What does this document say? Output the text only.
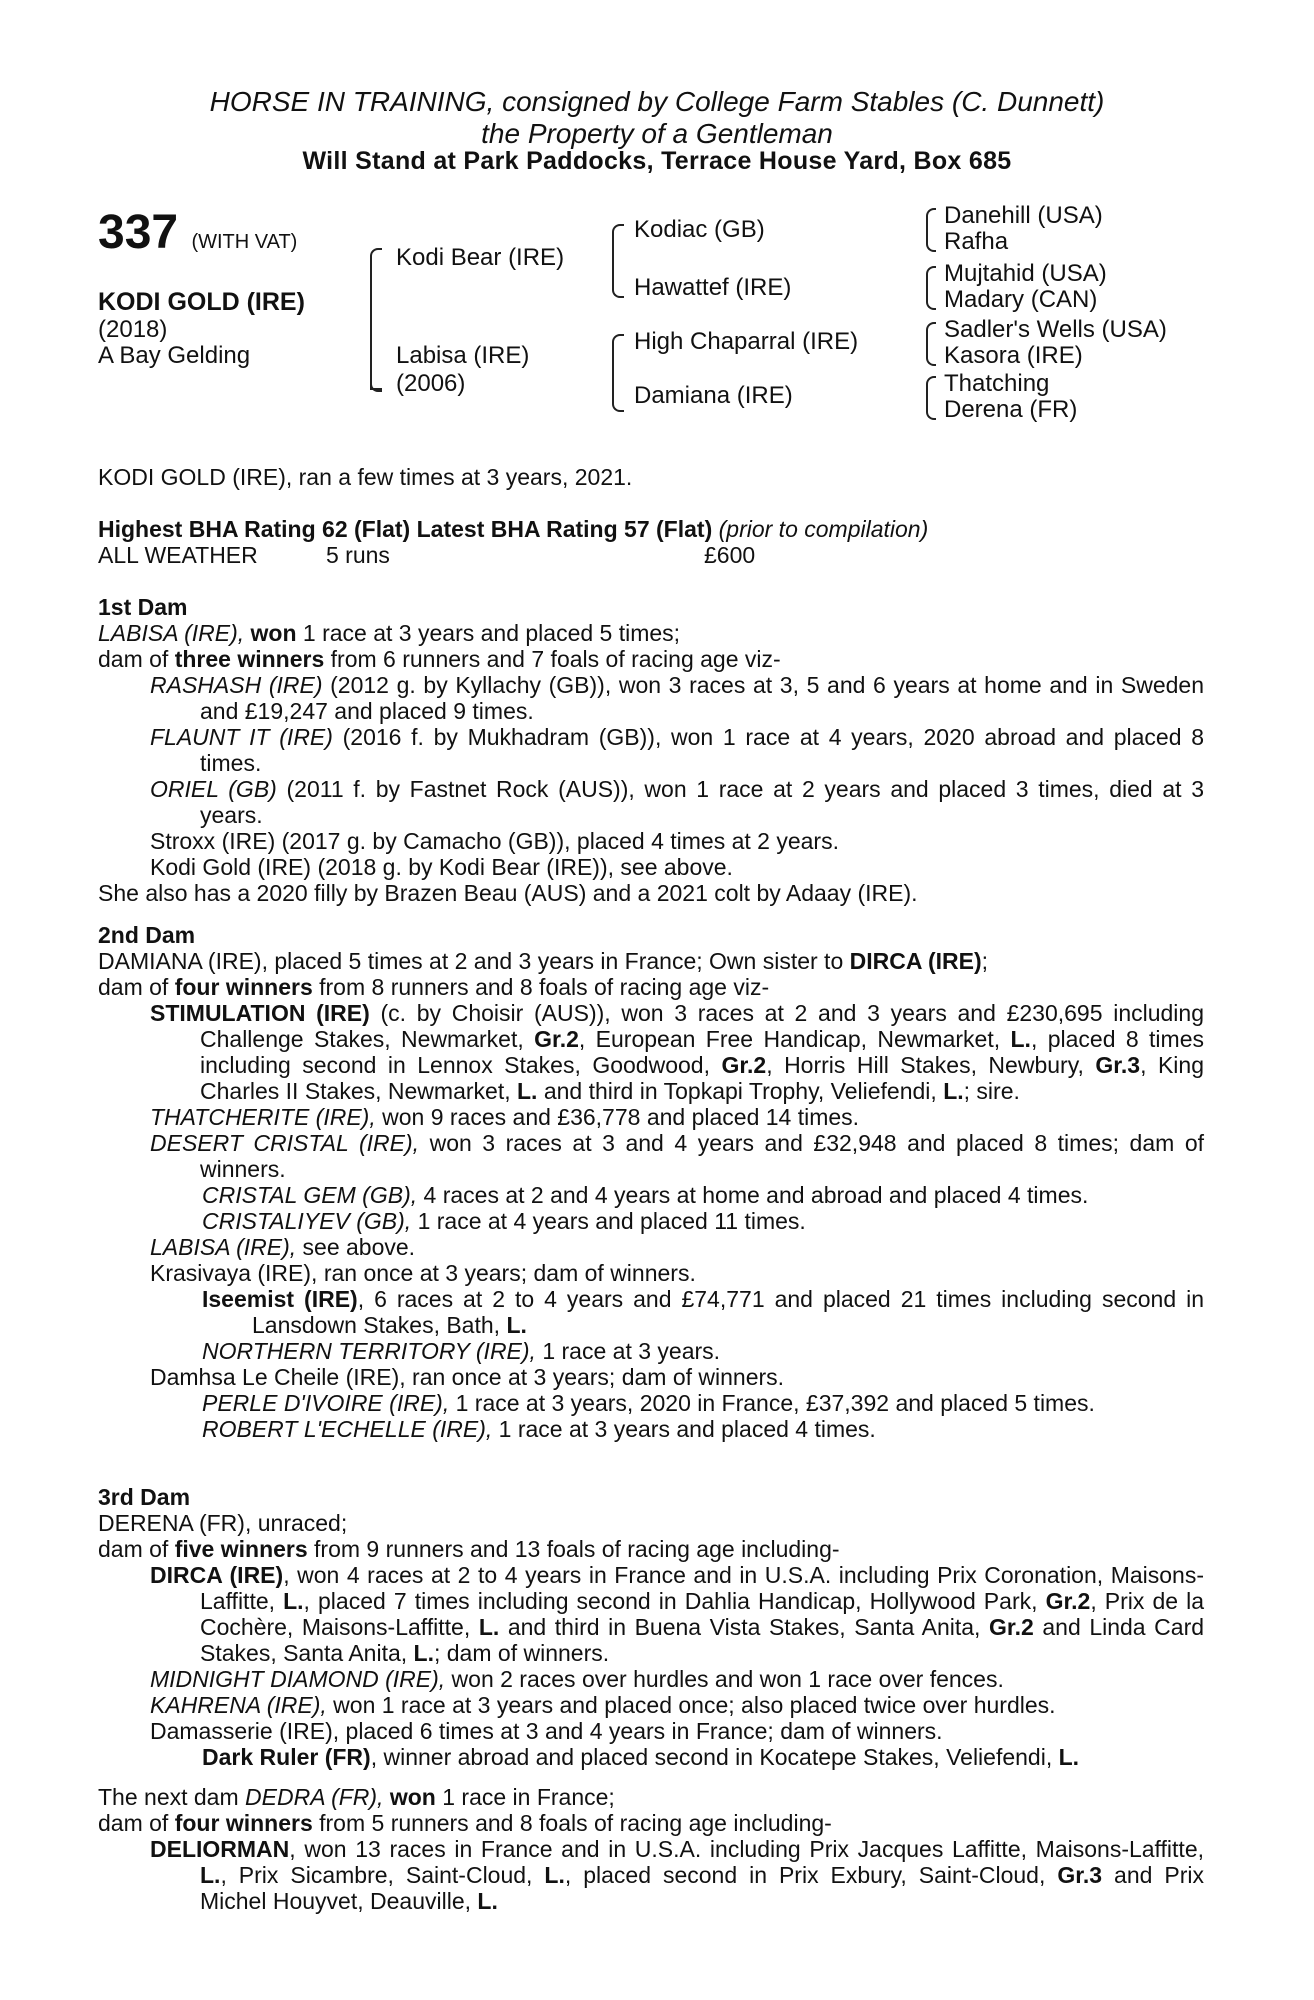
HORSE IN TRAINING, consigned by College Farm Stables (C. Dunnett)
the Property of a Gentleman
Will Stand at Park Paddocks, Terrace House Yard, Box 685
337 (WITH VAT)
KODI GOLD (IRE)
(2018)
A Bay Gelding
Kodi Bear (IRE)
Labisa (IRE)
(2006)
Kodiac (GB)
Hawattef (IRE)
High Chaparral (IRE)
Damiana (IRE)
Danehill (USA)
Rafha
Mujtahid (USA)
Madary (CAN)
Sadler's Wells (USA)
Kasora (IRE)
Thatching
Derena (FR)
KODI GOLD (IRE), ran a few times at 3 years, 2021.
Highest BHA Rating 62 (Flat) Latest BHA Rating 57 (Flat) (prior to compilation)
ALL WEATHER	5 runs	£600
1st Dam
LABISA (IRE), won 1 race at 3 years and placed 5 times;
dam of three winners from 6 runners and 7 foals of racing age viz-
RASHASH (IRE) (2012 g. by Kyllachy (GB)), won 3 races at 3, 5 and 6 years at home and in Sweden and £19,247 and placed 9 times.
FLAUNT IT (IRE) (2016 f. by Mukhadram (GB)), won 1 race at 4 years, 2020 abroad and placed 8 times.
ORIEL (GB) (2011 f. by Fastnet Rock (AUS)), won 1 race at 2 years and placed 3 times, died at 3 years.
Stroxx (IRE) (2017 g. by Camacho (GB)), placed 4 times at 2 years.
Kodi Gold (IRE) (2018 g. by Kodi Bear (IRE)), see above.
She also has a 2020 filly by Brazen Beau (AUS) and a 2021 colt by Adaay (IRE).
2nd Dam
DAMIANA (IRE), placed 5 times at 2 and 3 years in France; Own sister to DIRCA (IRE);
dam of four winners from 8 runners and 8 foals of racing age viz-
STIMULATION (IRE) (c. by Choisir (AUS)), won 3 races at 2 and 3 years and £230,695 including Challenge Stakes, Newmarket, Gr.2, European Free Handicap, Newmarket, L., placed 8 times including second in Lennox Stakes, Goodwood, Gr.2, Horris Hill Stakes, Newbury, Gr.3, King Charles II Stakes, Newmarket, L. and third in Topkapi Trophy, Veliefendi, L.; sire.
THATCHERITE (IRE), won 9 races and £36,778 and placed 14 times.
DESERT CRISTAL (IRE), won 3 races at 3 and 4 years and £32,948 and placed 8 times; dam of winners.
CRISTAL GEM (GB), 4 races at 2 and 4 years at home and abroad and placed 4 times.
CRISTALIYEV (GB), 1 race at 4 years and placed 11 times.
LABISA (IRE), see above.
Krasivaya (IRE), ran once at 3 years; dam of winners.
Iseemist (IRE), 6 races at 2 to 4 years and £74,771 and placed 21 times including second in Lansdown Stakes, Bath, L.
NORTHERN TERRITORY (IRE), 1 race at 3 years.
Damhsa Le Cheile (IRE), ran once at 3 years; dam of winners.
PERLE D'IVOIRE (IRE), 1 race at 3 years, 2020 in France, £37,392 and placed 5 times.
ROBERT L'ECHELLE (IRE), 1 race at 3 years and placed 4 times.
3rd Dam
DERENA (FR), unraced;
dam of five winners from 9 runners and 13 foals of racing age including-
DIRCA (IRE), won 4 races at 2 to 4 years in France and in U.S.A. including Prix Coronation, Maisons-Laffitte, L., placed 7 times including second in Dahlia Handicap, Hollywood Park, Gr.2, Prix de la Cochère, Maisons-Laffitte, L. and third in Buena Vista Stakes, Santa Anita, Gr.2 and Linda Card Stakes, Santa Anita, L.; dam of winners.
MIDNIGHT DIAMOND (IRE), won 2 races over hurdles and won 1 race over fences.
KAHRENA (IRE), won 1 race at 3 years and placed once; also placed twice over hurdles.
Damasserie (IRE), placed 6 times at 3 and 4 years in France; dam of winners.
Dark Ruler (FR), winner abroad and placed second in Kocatepe Stakes, Veliefendi, L.
The next dam DEDRA (FR), won 1 race in France;
dam of four winners from 5 runners and 8 foals of racing age including-
DELIORMAN, won 13 races in France and in U.S.A. including Prix Jacques Laffitte, Maisons-Laffitte, L., Prix Sicambre, Saint-Cloud, L., placed second in Prix Exbury, Saint-Cloud, Gr.3 and Prix Michel Houyvet, Deauville, L.
